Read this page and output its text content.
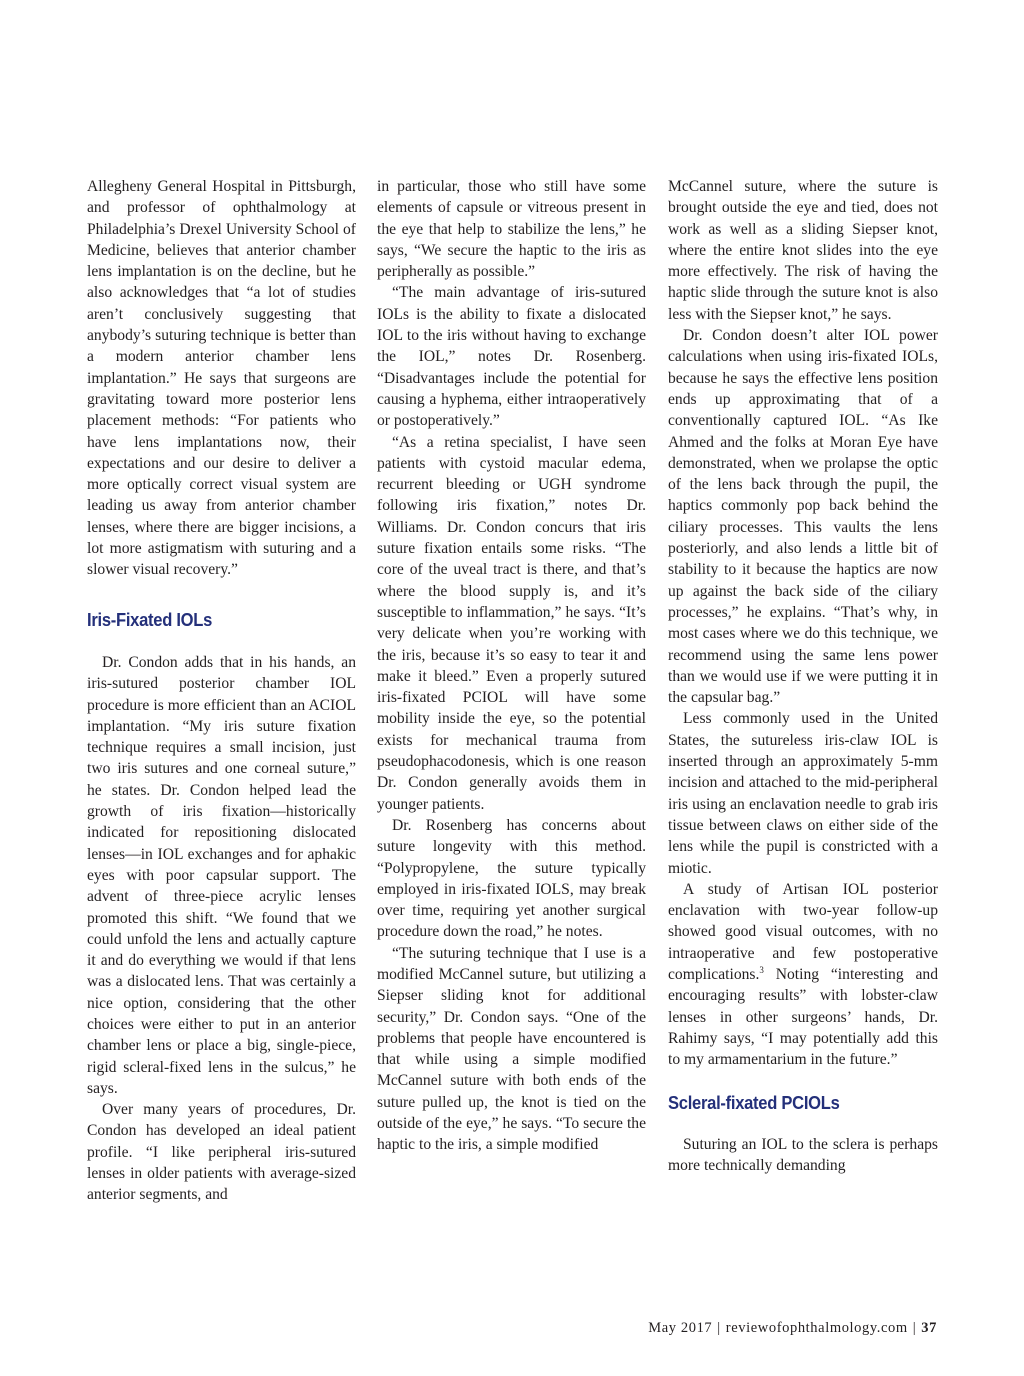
Allegheny General Hospital in Pittsburgh, and professor of ophthalmology at Philadelphia’s Drexel University School of Medicine, believes that anterior chamber lens implantation is on the decline, but he also acknowledges that “a lot of studies aren’t conclusively suggesting that anybody’s suturing technique is better than a modern anterior chamber lens implantation.” He says that surgeons are gravitating toward more posterior lens placement methods: “For patients who have lens implantations now, their expectations and our desire to deliver a more optically correct visual system are leading us away from anterior chamber lenses, where there are bigger incisions, a lot more astigmatism with suturing and a slower visual recovery.”

Iris-Fixated IOLs

Dr. Condon adds that in his hands, an iris-sutured posterior chamber IOL procedure is more efficient than an ACIOL implantation. “My iris suture fixation technique requires a small incision, just two iris sutures and one corneal suture,” he states. Dr. Condon helped lead the growth of iris fixation—historically indicated for repositioning dislocated lenses—in IOL exchanges and for aphakic eyes with poor capsular support. The advent of three-piece acrylic lenses promoted this shift. “We found that we could unfold the lens and actually capture it and do everything we would if that lens was a dislocated lens. That was certainly a nice option, considering that the other choices were either to put in an anterior chamber lens or place a big, single-piece, rigid scleral-fixed lens in the sulcus,” he says.

Over many years of procedures, Dr. Condon has developed an ideal patient profile. “I like peripheral iris-sutured lenses in older patients with average-sized anterior segments, and

in particular, those who still have some elements of capsule or vitreous present in the eye that help to stabilize the lens,” he says, “We secure the haptic to the iris as peripherally as possible.”

“The main advantage of iris-sutured IOLs is the ability to fixate a dislocated IOL to the iris without having to exchange the IOL,” notes Dr. Rosenberg. “Disadvantages include the potential for causing a hyphema, either intraoperatively or postoperatively.”

“As a retina specialist, I have seen patients with cystoid macular edema, recurrent bleeding or UGH syndrome following iris fixation,” notes Dr. Williams. Dr. Condon concurs that iris suture fixation entails some risks. “The core of the uveal tract is there, and that’s where the blood supply is, and it’s susceptible to inflammation,” he says. “It’s very delicate when you’re working with the iris, because it’s so easy to tear it and make it bleed.” Even a properly sutured iris-fixated PCIOL will have some mobility inside the eye, so the potential exists for mechanical trauma from pseudophacodonesis, which is one reason Dr. Condon generally avoids them in younger patients.

Dr. Rosenberg has concerns about suture longevity with this method. “Polypropylene, the suture typically employed in iris-fixated IOLS, may break over time, requiring yet another surgical procedure down the road,” he notes.

“The suturing technique that I use is a modified McCannel suture, but utilizing a Siepser sliding knot for additional security,” Dr. Condon says. “One of the problems that people have encountered is that while using a simple modified McCannel suture with both ends of the suture pulled up, the knot is tied on the outside of the eye,” he says. “To secure the haptic to the iris, a simple modified

McCannel suture, where the suture is brought outside the eye and tied, does not work as well as a sliding Siepser knot, where the entire knot slides into the eye more effectively. The risk of having the haptic slide through the suture knot is also less with the Siepser knot,” he says.

Dr. Condon doesn’t alter IOL power calculations when using iris-fixated IOLs, because he says the effective lens position ends up approximating that of a conventionally captured IOL. “As Ike Ahmed and the folks at Moran Eye have demonstrated, when we prolapse the optic of the lens back through the pupil, the haptics commonly pop back behind the ciliary processes. This vaults the lens posteriorly, and also lends a little bit of stability to it because the haptics are now up against the back side of the ciliary processes,” he explains. “That’s why, in most cases where we do this technique, we recommend using the same lens power than we would use if we were putting it in the capsular bag.”

Less commonly used in the United States, the sutureless iris-claw IOL is inserted through an approximately 5-mm incision and attached to the mid-peripheral iris using an enclavation needle to grab iris tissue between claws on either side of the lens while the pupil is constricted with a miotic.

A study of Artisan IOL posterior enclavation with two-year follow-up showed good visual outcomes, with no intraoperative and few postoperative complications.$^3$ Noting “interesting and encouraging results” with lobster-claw lenses in other surgeons’ hands, Dr. Rahimy says, “I may potentially add this to my armamentarium in the future.”

Scleral-fixated PCIOLs

Suturing an IOL to the sclera is perhaps more technically demanding

May 2017 | reviewofophthalmology.com | 37
